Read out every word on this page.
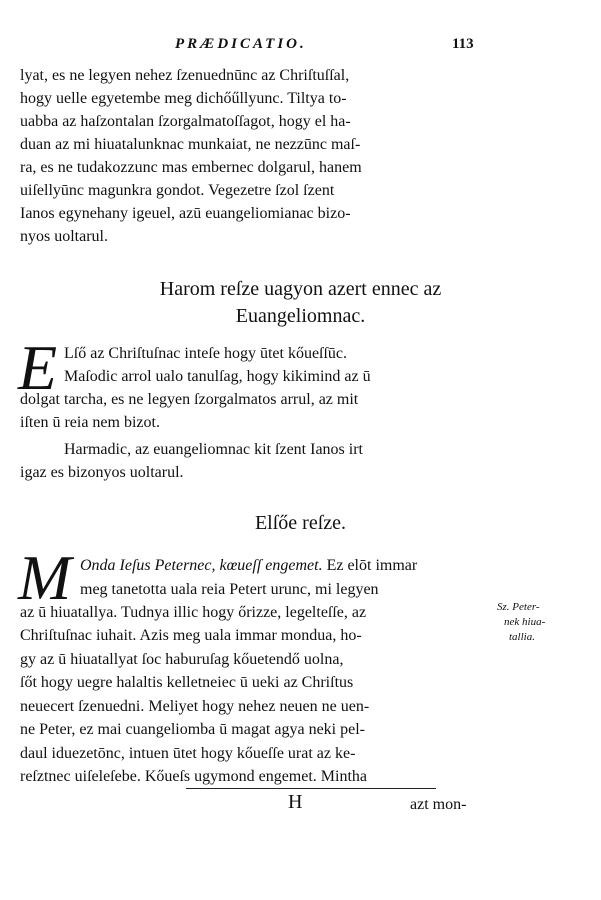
PRÆDICATIO.	113
lyat, es ne legyen nehez ſzenuednūnc az Chriſtuſſal,
hogy uelle egyetembe meg dichőűllyunc. Tiltya to-
uabba az haſzontalan ſzorgalmatoſſagot, hogy el ha-
duan az mi hiuatalunknac munkaiat, ne nezzūnc maſ-
ra, es ne tudakozzunc mas embernec dolgarul, hanem
uiſellyūnc magunkra gondot. Vegezetre ſzol ſzent
Ianos egynehany igeuel, azū euangeliomianac bizo-
nyos uoltarul.
Harom reſze uagyon azert ennec az
Euangeliomnac.
E Lſő az Chriſtuſnac inteſe hogy ūtet kőueſſūc.
Maſodic arrol ualo tanulſag, hogy kikimind az ū
dolgat tarcha, es ne legyen ſzorgalmatos arrul, az mit
iſten ū reia nem bizot.
Harmadic, az euangeliomnac kit ſzent Ianos irt
igaz es bizonyos uoltarul.
Elſőe reſze.
M Onda Ieſus Peternec, kœueſſ engemet. Ez elōt immar
meg tanetotta uala reia Petert urunc, mi legyen
az ū hiuatallya. Tudnya illic hogy őrizze, legelteſſe, az
Chriſtuſnac iuhait. Azis meg uala immar mondua, ho-
gy az ū hiuatallyat ſoc haburuſag kőuetendő uolna,
ſőt hogy uegre halaltis kelletneiec ū ueki az Chriſtus
neuecert ſzenuedni. Meliyet hogy nehez neuen ne uen-
ne Peter, ez mai cuangeliomba ū magat agya neki pel-
daul iduezetōnc, intuen ūtet hogy kőueſſe urat az ke-
reſztnec uiſeleſebe. Kőueſs ugymond engemet. Mintha
Sz. Peter-
nek hiua-
tallia.
H	azt mon-
